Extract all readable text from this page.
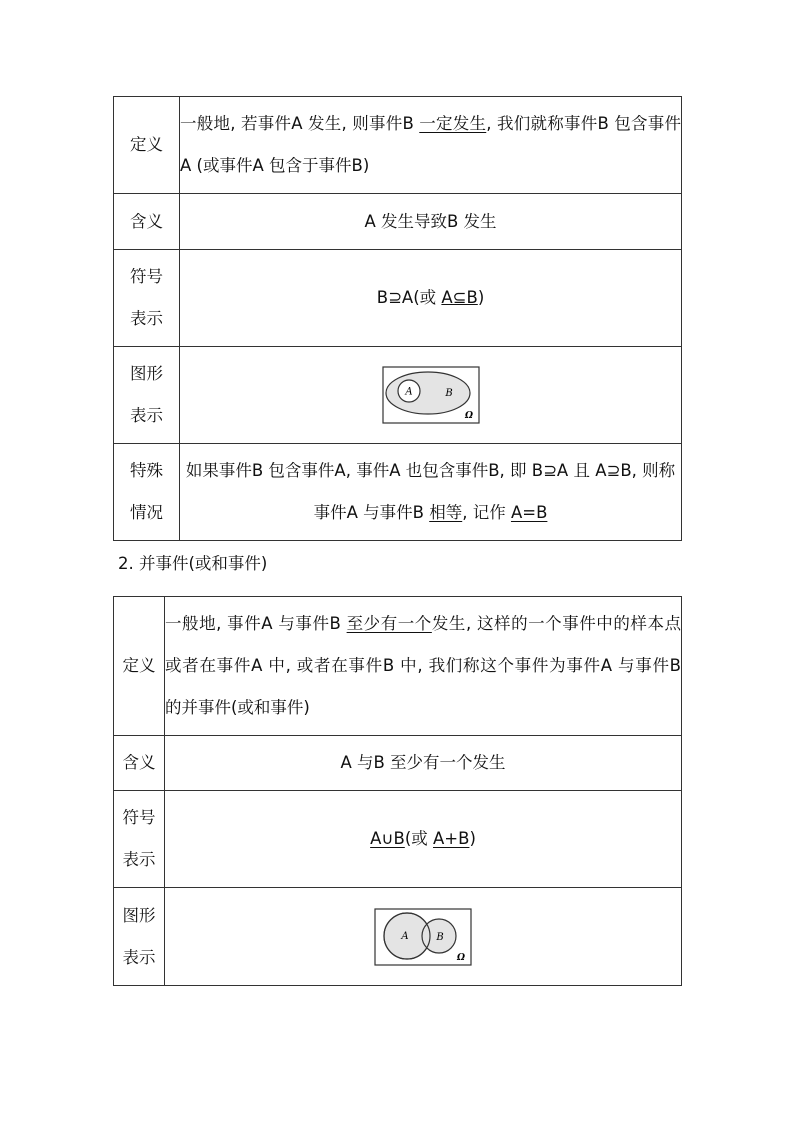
定义	一般地, 若事件A 发生, 则事件B 一定发生, 我们就称事件B 包含事件A (或事件A 包含于事件B)
含义	A 发生导致B 发生

符号
表示	B⊇A(或 A⊆B)

图形
表示	A B
Ω

特殊
情况	如果事件B 包含事件A, 事件A 也包含事件B, 即 B⊇A 且 A⊇B, 则称事件A 与事件B 相等, 记作 A=B
2. 并事件(或和事件)
定义	一般地, 事件A 与事件B 至少有一个发生, 这样的一个事件中的样本点或者在事件A 中, 或者在事件B 中, 我们称这个事件为事件A 与事件B 的并事件(或和事件)
含义	A 与B 至少有一个发生

符号
表示	A∪B(或 A+B)

图形
表示	A B
Ω
